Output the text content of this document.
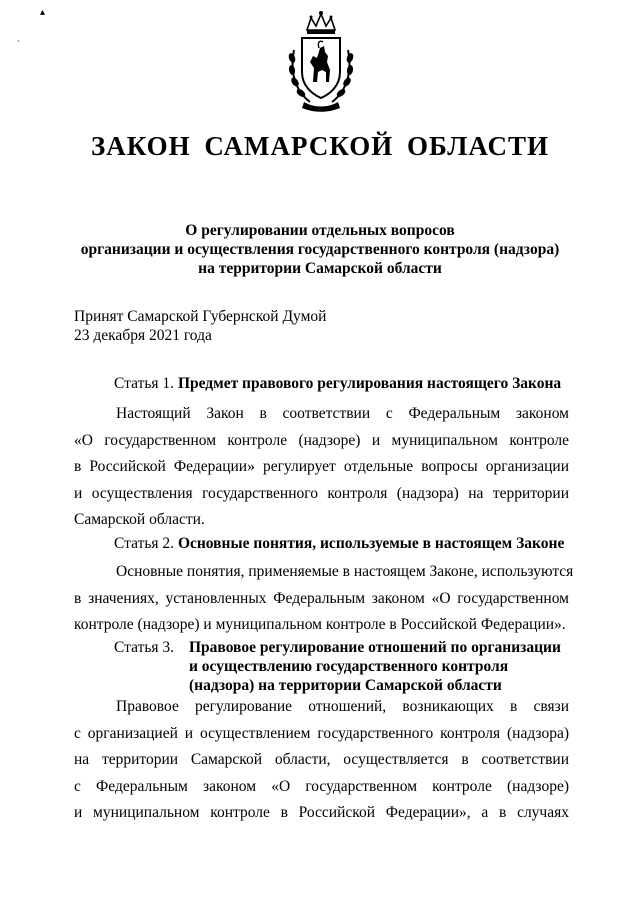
▴
˴
ЗАКОН САМАРСКОЙ ОБЛАСТИ
О регулировании отдельных вопросов
организации и осуществления государственного контроля (надзора)
на территории Самарской области
Принят Самарской Губернской Думой
23 декабря 2021 года
Статья 1. Предмет правового регулирования настоящего Закона
Настоящий Закон в соответствии с Федеральным законом
«О государственном контроле (надзоре) и муниципальном контроле
в Российской Федерации» регулирует отдельные вопросы организации
и осуществления государственного контроля (надзора) на территории
Самарской области.
Статья 2. Основные понятия, используемые в настоящем Законе
Основные понятия, применяемые в настоящем Законе, используются
в значениях, установленных Федеральным законом «О государственном
контроле (надзоре) и муниципальном контроле в Российской Федерации».
Статья 3. Правовое регулирование отношений по организации
и осуществлению государственного контроля
(надзора) на территории Самарской области
Правовое регулирование отношений, возникающих в связи
с организацией и осуществлением государственного контроля (надзора)
на территории Самарской области, осуществляется в соответствии
с Федеральным законом «О государственном контроле (надзоре)
и муниципальном контроле в Российской Федерации», а в случаях
